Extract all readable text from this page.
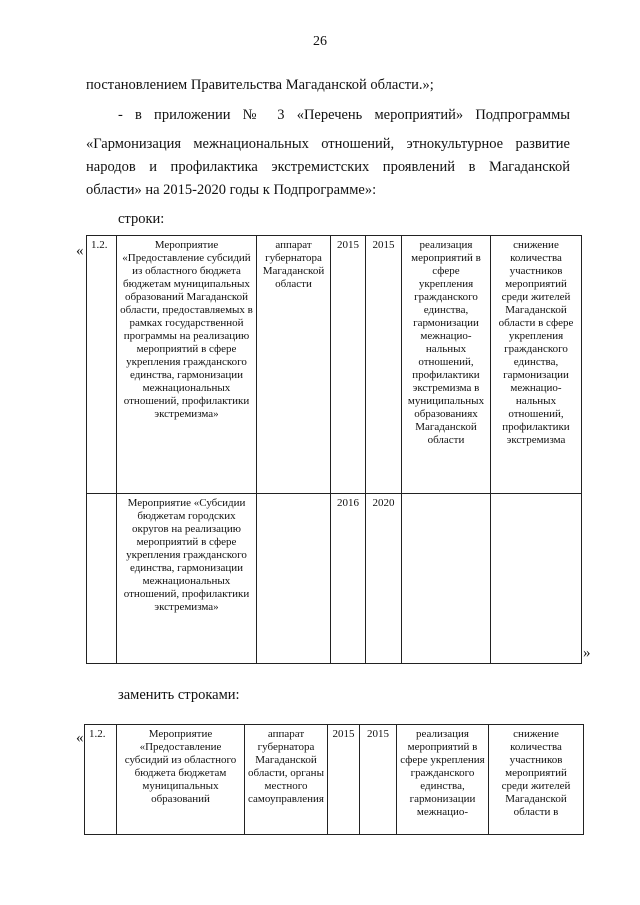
26
постановлением Правительства Магаданской области.»;
- в приложении № 3 «Перечень мероприятий» Подпрограммы
«Гармонизация межнациональных отношений, этнокультурное развитие
народов и профилактика экстремистских проявлений в Магаданской
области» на 2015-2020 годы к Подпрограмме»:
строки:
« 1.2.	Мероприятие «Предоставление субсидий из областного бюджета бюджетам муниципальных образований Магаданской области, предоставляемых в рамках государственной программы на реализацию мероприятий в сфере укрепления гражданского единства, гармонизации межнациональных отношений, профилактики экстремизма»	аппарат губернатора Магаданской области	2015	2015	реализация мероприятий в сфере укрепления гражданского единства, гармонизации межнацио-нальных отношений, профилактики экстремизма в муниципальных образованиях Магаданской области	снижение количества участников мероприятий среди жителей Магаданской области в сфере укрепления гражданского единства, гармонизации межнацио-нальных отношений, профилактики экстремизма
	Мероприятие «Субсидии бюджетам городских округов на реализацию мероприятий в сфере укрепления гражданского единства, гармонизации межнациональных отношений, профилактики экстремизма»		2016	2020		
»
заменить строками:
« 1.2.	Мероприятие «Предоставление субсидий из областного бюджета бюджетам муниципальных образований	аппарат губернатора Магаданской области, органы местного самоуправления	2015	2015	реализация мероприятий в сфере укрепления гражданского единства, гармонизации межнацио-	снижение количества участников мероприятий среди жителей Магаданской области в
